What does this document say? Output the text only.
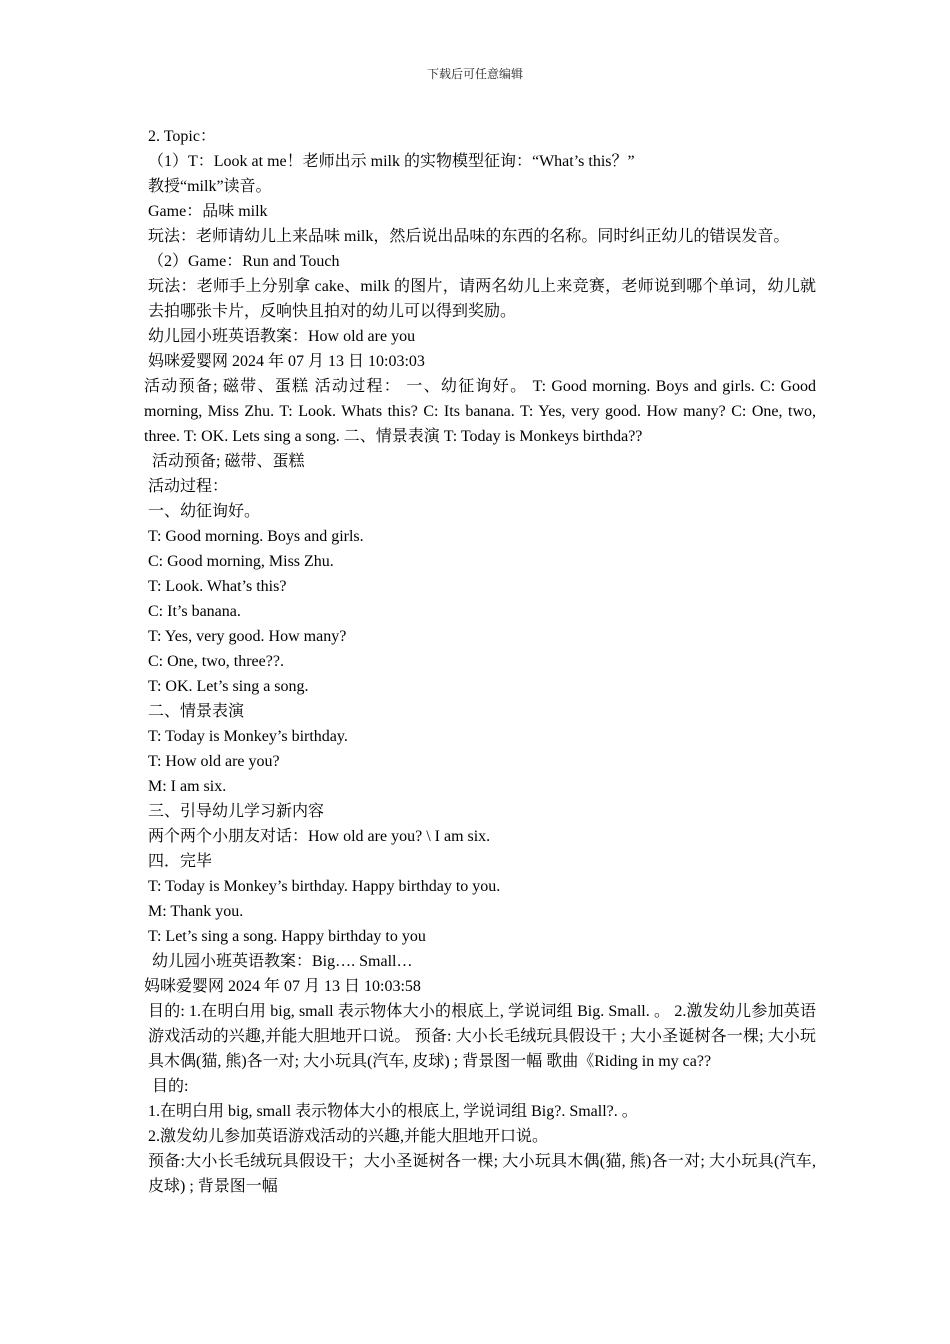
下载后可任意编辑
2. Topic：
（1）T：Look at me！老师出示 milk 的实物模型征询：“What’s this？”
教授“milk”读音。
Game：品味 milk
玩法：老师请幼儿上来品味 milk，然后说出品味的东西的名称。同时纠正幼儿的错误发音。
（2）Game：Run and Touch
玩法：老师手上分别拿 cake、milk 的图片，请两名幼儿上来竞赛，老师说到哪个单词，幼儿就去拍哪张卡片，反响快且拍对的幼儿可以得到奖励。
幼儿园小班英语教案：How old are you
妈咪爱婴网 2024 年 07 月 13 日 10:03:03
活动预备; 磁带、蛋糕 活动过程： 一、幼征询好。 T: Good morning. Boys and girls. C: Good morning, Miss Zhu. T: Look. Whats this? C: Its banana. T: Yes, very good. How many? C: One, two, three. T: OK. Lets sing a song. 二、情景表演 T: Today is Monkeys birthda??
活动预备; 磁带、蛋糕
活动过程：
一、幼征询好。
T: Good morning. Boys and girls.
C: Good morning, Miss Zhu.
T: Look. What’s this?
C: It’s banana.
T: Yes, very good. How many?
C: One, two, three??.
T: OK. Let’s sing a song.
二、情景表演
T: Today is Monkey’s birthday.
T: How old are you?
M: I am six.
三、引导幼儿学习新内容
两个两个小朋友对话：How old are you? \ I am six.
四．完毕
T: Today is Monkey’s birthday. Happy birthday to you.
M: Thank you.
T: Let’s sing a song. Happy birthday to you
幼儿园小班英语教案：Big…. Small…
妈咪爱婴网 2024 年 07 月 13 日 10:03:58
目的: 1.在明白用 big, small 表示物体大小的根底上, 学说词组 Big. Small. 。 2.激发幼儿参加英语游戏活动的兴趣,并能大胆地开口说。 预备: 大小长毛绒玩具假设干 ; 大小圣诞树各一棵; 大小玩具木偶(猫, 熊)各一对; 大小玩具(汽车, 皮球) ; 背景图一幅 歌曲《Riding in my ca??
目的:
1.在明白用 big, small 表示物体大小的根底上, 学说词组 Big?. Small?. 。
2.激发幼儿参加英语游戏活动的兴趣,并能大胆地开口说。
预备:大小长毛绒玩具假设干；大小圣诞树各一棵; 大小玩具木偶(猫, 熊)各一对; 大小玩具(汽车, 皮球) ; 背景图一幅
